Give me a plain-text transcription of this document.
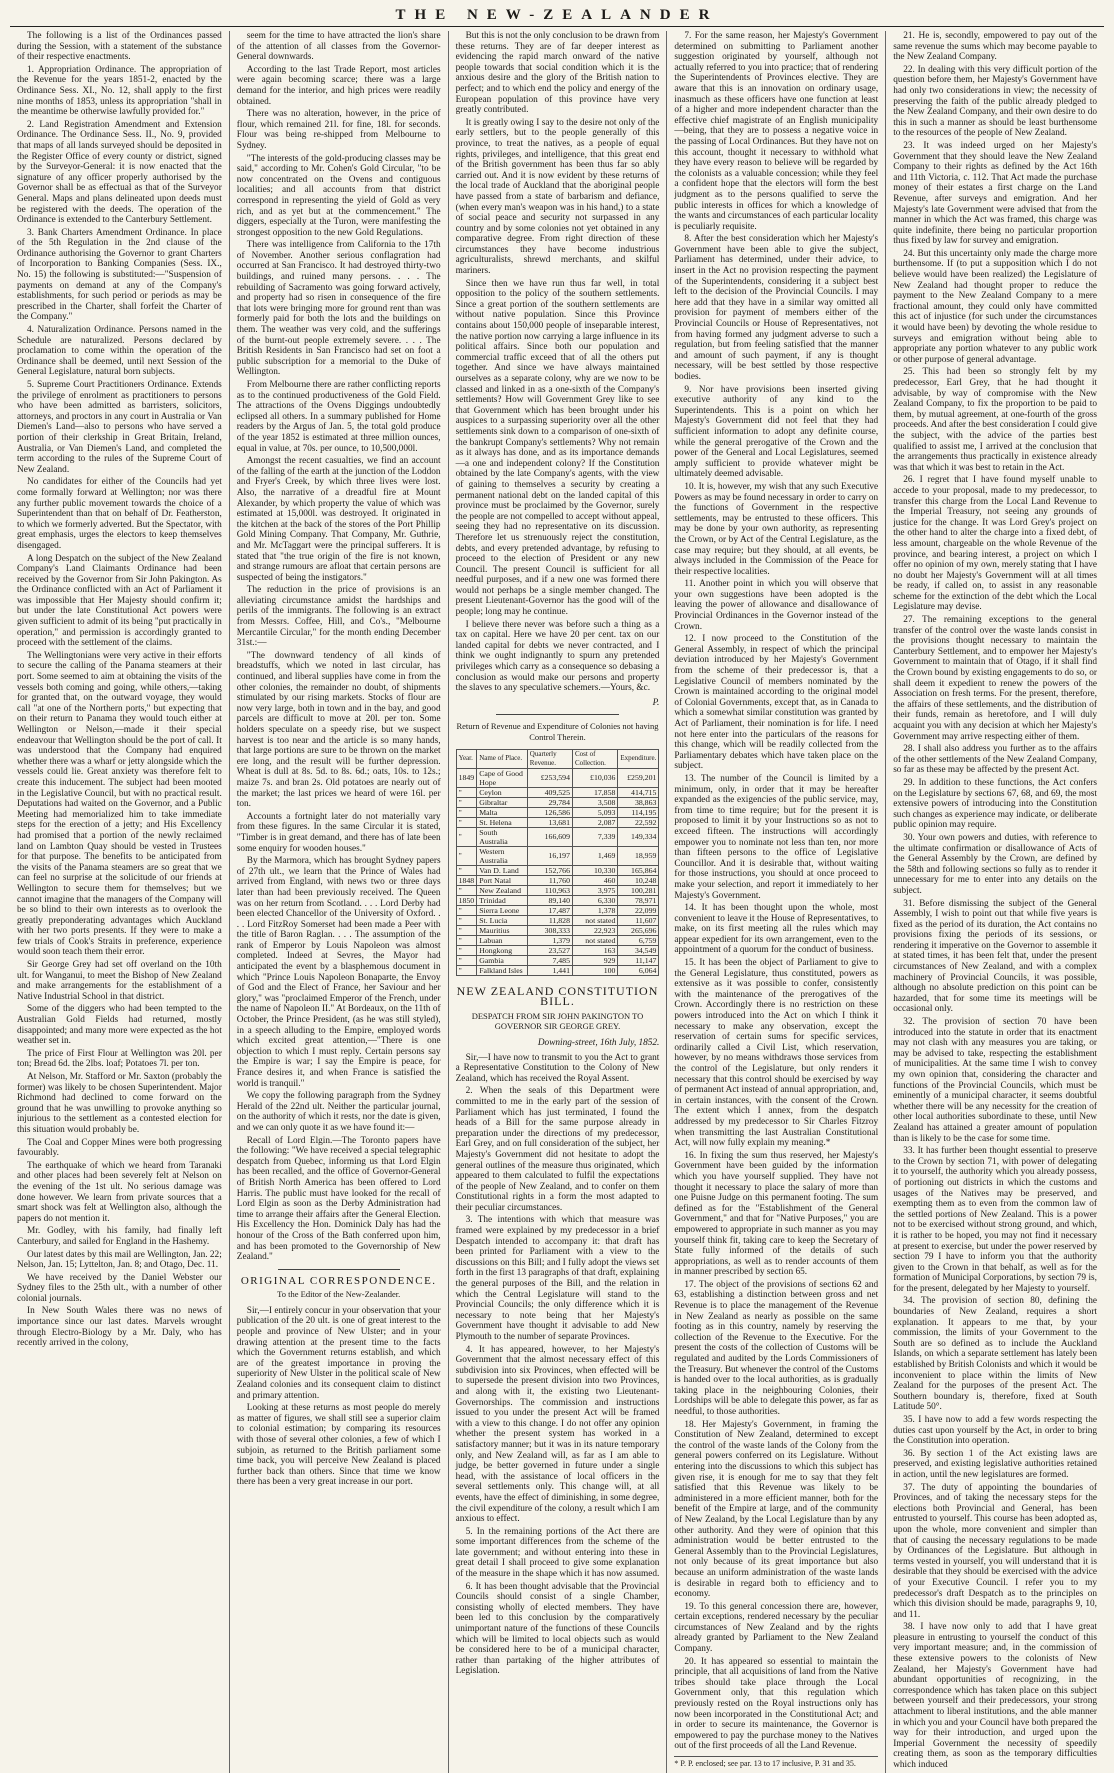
THE NEW-ZEALANDER

The following is a list of the Ordinances passed during the Session, with a statement of the substance of their respective enactments.

1. Appropriation Ordinance. The appropriation of the Revenue for the years 1851-2, enacted by the Ordinance Sess. XI., No. 12, shall apply to the first nine months of 1853, unless its appropriation "shall in the meantime be otherwise lawfully provided for."

2. Land Registration Amendment and Extension Ordinance. The Ordinance Sess. II., No. 9, provided that maps of all lands surveyed should be deposited in the Register Office of every county or district, signed by the Surveyor-General: it is now enacted that the signature of any officer properly authorised by the Governor shall be as effectual as that of the Surveyor General. Maps and plans delineated upon deeds must be registered with the deeds. The operation of the Ordinance is extended to the Canterbury Settlement.

3. Bank Charters Amendment Ordinance. In place of the 5th Regulation in the 2nd clause of the Ordinance authorising the Governor to grant Charters of Incorporation to Banking Companies (Sess. IX., No. 15) the following is substituted:—"Suspension of payments on demand at any of the Company's establishments, for such period or periods as may be prescribed in the Charter, shall forfeit the Charter of the Company."

4. Naturalization Ordinance. Persons named in the Schedule are naturalized. Persons declared by proclamation to come within the operation of the Ordinance shall be deemed, until next Session of the General Legislature, natural born subjects.

5. Supreme Court Practitioners Ordinance. Extends the privilege of enrolment as practitioners to persons who have been admitted as barristers, solicitors, attorneys, and proctors in any court in Australia or Van Diemen's Land—also to persons who have served a portion of their clerkship in Great Britain, Ireland, Australia, or Van Diemen's Land, and completed the term according to the rules of the Supreme Court of New Zealand.

No candidates for either of the Councils had yet come formally forward at Wellington; nor was there any further public movement towards the choice of a Superintendent than that on behalf of Dr. Featherston, to which we formerly adverted. But the Spectator, with great emphasis, urges the electors to keep themselves disengaged.

A long Despatch on the subject of the New Zealand Company's Land Claimants Ordinance had been received by the Governor from Sir John Pakington. As the Ordinance conflicted with an Act of Parliament it was impossible that Her Majesty should confirm it; but under the late Constitutional Act powers were given sufficient to admit of its being "put practically in operation," and permission is accordingly granted to proceed with the settlement of the claims.

The Wellingtonians were very active in their efforts to secure the calling of the Panama steamers at their port. Some seemed to aim at obtaining the visits of the vessels both coming and going, while others,—taking for granted that, on the outward voyage, they would call "at one of the Northern ports," but expecting that on their return to Panama they would touch either at Wellington or Nelson,—made it their special endeavour that Wellington should be the port of call. It was understood that the Company had enquired whether there was a wharf or jetty alongside which the vessels could lie. Great anxiety was therefore felt to create this inducement. The subject had been mooted in the Legislative Council, but with no practical result. Deputations had waited on the Governor, and a Public Meeting had memorialized him to take immediate steps for the erection of a jetty; and His Excellency had promised that a portion of the newly reclaimed land on Lambton Quay should be vested in Trustees for that purpose. The benefits to be anticipated from the visits of the Panama steamers are so great that we can feel no surprise at the solicitude of our friends at Wellington to secure them for themselves; but we cannot imagine that the managers of the Company will be so blind to their own interests as to overlook the greatly preponderating advantages which Auckland with her two ports presents. If they were to make a few trials of Cook's Straits in preference, experience would soon teach them their error.

Sir George Grey had set off overland on the 10th ult. for Wanganui, to meet the Bishop of New Zealand and make arrangements for the establishment of a Native Industrial School in that district.

Some of the diggers who had been tempted to the Australian Gold Fields had returned, mostly disappointed; and many more were expected as the hot weather set in.

The price of First Flour at Wellington was 20l. per ton; Bread 6d. the 2lbs. loaf; Potatoes 7l. per ton.

At Nelson, Mr. Stafford or Mr. Saxton (probably the former) was likely to be chosen Superintendent. Major Richmond had declined to come forward on the ground that he was unwilling to provoke anything so injurious to the settlement as a contested election for this situation would probably be.

The Coal and Copper Mines were both progressing favourably.

The earthquake of which we heard from Taranaki and other places had been severely felt at Nelson on the evening of the 1st ult. No serious damage was done however. We learn from private sources that a smart shock was felt at Wellington also, although the papers do not mention it.

Mr. Godley, with his family, had finally left Canterbury, and sailed for England in the Hashemy.

Our latest dates by this mail are Wellington, Jan. 22; Nelson, Jan. 15; Lyttelton, Jan. 8; and Otago, Dec. 11.

We have received by the Daniel Webster our Sydney files to the 25th ult., with a number of other colonial journals.

In New South Wales there was no news of importance since our last dates. Marvels wrought through Electro-Biology by a Mr. Daly, who has recently arrived in the colony,

seem for the time to have attracted the lion's share of the attention of all classes from the Governor-General downwards.

According to the last Trade Report, most articles were again becoming scarce; there was a large demand for the interior, and high prices were readily obtained.

There was no alteration, however, in the price of flour, which remained 21l. for fine, 18l. for seconds. Flour was being re-shipped from Melbourne to Sydney.

"The interests of the gold-producing classes may be said," according to Mr. Cohen's Gold Circular, "to be now concentrated on the Ovens and contiguous localities; and all accounts from that district correspond in representing the yield of Gold as very rich, and as yet but at the commencement." The diggers, especially at the Turon, were manifesting the strongest opposition to the new Gold Regulations.

There was intelligence from California to the 17th of November. Another serious conflagration had occurred at San Francisco. It had destroyed thirty-two buildings, and ruined many persons. . . . The rebuilding of Sacramento was going forward actively, and property had so risen in consequence of the fire that lots were bringing more for ground rent than was formerly paid for both the lots and the buildings on them. The weather was very cold, and the sufferings of the burnt-out people extremely severe. . . . The British Residents in San Francisco had set on foot a public subscription for a memorial to the Duke of Wellington.

From Melbourne there are rather conflicting reports as to the continued productiveness of the Gold Field. The attractions of the Ovens Diggings undoubtedly eclipsed all others. In a summary published for Home readers by the Argus of Jan. 5, the total gold produce of the year 1852 is estimated at three million ounces, equal in value, at 70s. per ounce, to 10,500,000l.

Amongst the recent casualties, we find an account of the falling of the earth at the junction of the Loddon and Fryer's Creek, by which three lives were lost. Also, the narrative of a dreadful fire at Mount Alexander, by which property the value of which was estimated at 15,000l. was destroyed. It originated in the kitchen at the back of the stores of the Port Phillip Gold Mining Company. That Company, Mr. Guthrie, and Mr. McTaggart were the principal sufferers. It is stated that "the true origin of the fire is not known, and strange rumours are afloat that certain persons are suspected of being the instigators."

The reduction in the price of provisions is an alleviating circumstance amidst the hardships and perils of the immigrants. The following is an extract from Messrs. Coffee, Hill, and Co's., "Melbourne Mercantile Circular," for the month ending December 31st.:—

"The downward tendency of all kinds of breadstuffs, which we noted in last circular, has continued, and liberal supplies have come in from the other colonies, the remainder no doubt, of shipments stimulated by our rising markets. Stocks of flour are now very large, both in town and in the bay, and good parcels are difficult to move at 20l. per ton. Some holders speculate on a speedy rise, but we suspect harvest is too near and the article is so many hands, that large portions are sure to be thrown on the market ere long, and the result will be further depression. Wheat is dull at 8s. 5d. to 8s. 6d.; oats, 10s. to 12s.; maize 7s. and bran 2s. Old potatoes are nearly out of the market; the last prices we heard of were 16l. per ton.

Accounts a fortnight later do not materially vary from these figures. In the same Circular it is stated, "Timber is in great demand, and there has of late been some enquiry for wooden houses."

By the Marmora, which has brought Sydney papers of 27th ult., we learn that the Prince of Wales had arrived from England, with news two or three days later than had been previously received. The Queen was on her return from Scotland. . . . Lord Derby had been elected Chancellor of the University of Oxford. . . . Lord FitzRoy Somerset had been made a Peer with the title of Baron Raglan. . . . The assumption of the rank of Emperor by Louis Napoleon was almost completed. Indeed at Sevres, the Mayor had anticipated the event by a blasphemous document in which "Prince Louis Napoleon Bonaparte, the Envoy of God and the Elect of France, her Saviour and her glory," was "proclaimed Emperor of the French, under the name of Napoleon II." At Bordeaux, on the 11th of October, the Prince President, (as he was still styled), in a speech alluding to the Empire, employed words which excited great attention,—"There is one objection to which I must reply. Certain persons say the Empire is war; I say the Empire is peace, for France desires it, and when France is satisfied the world is tranquil."

We copy the following paragraph from the Sydney Herald of the 22nd ult. Neither the particular journal, on the authority of which it rests, nor the date is given, and we can only quote it as we have found it:—

Recall of Lord Elgin.—The Toronto papers have the following: "We have received a special telegraphic despatch from Quebec, informing us that Lord Elgin has been recalled, and the office of Governor-General of British North America has been offered to Lord Harris. The public must have looked for the recall of Lord Elgin as soon as the Derby Administration had time to arrange their affairs after the General Election. His Excellency the Hon. Dominick Daly has had the honour of the Cross of the Bath conferred upon him, and has been promoted to the Governorship of New Zealand."

ORIGINAL CORRESPONDENCE.
To the Editor of the New-Zealander.

Sir,—I entirely concur in your observation that your publication of the 20 ult. is one of great interest to the people and province of New Ulster; and in your drawing attention at the present time to the facts which the Government returns establish, and which are of the greatest importance in proving the superiority of New Ulster in the political scale of New Zealand colonies and its consequent claim to distinct and primary attention.

Looking at these returns as most people do merely as matter of figures, we shall still see a superior claim to colonial estimation; by comparing its resources with those of several other colonies, a few of which I subjoin, as returned to the British parliament some time back, you will perceive New Zealand is placed further back than others. Since that time we know there has been a very great increase in our port.

But this is not the only conclusion to be drawn from these returns. They are of far deeper interest as evidencing the rapid march onward of the native people towards that social condition which it is the anxious desire and the glory of the British nation to perfect; and to which end the policy and energy of the European population of this province have very greatly contributed.

It is greatly owing I say to the desire not only of the early settlers, but to the people generally of this province, to treat the natives, as a people of equal rights, privileges, and intelligence, that this great end of the British government has been thus far so ably carried out. And it is now evident by these returns of the local trade of Auckland that the aboriginal people have passed from a state of barbarism and defiance, (when every man's weapon was in his hand,) to a state of social peace and security not surpassed in any country and by some colonies not yet obtained in any comparative degree. From right direction of these circumstances they have become industrious agriculturalists, shrewd merchants, and skilful mariners.

Since then we have run thus far well, in total opposition to the policy of the southern settlements. Since a great portion of the southern settlements are without native population. Since this Province contains about 150,000 people of inseparable interest, the native portion now carrying a large influence in its political affairs. Since both our population and commercial traffic exceed that of all the others put together. And since we have always maintained ourselves as a separate colony, why are we now to be classed and linked in as a one-sixth of the Company's settlements? How will Government Grey like to see that Government which has been brought under his auspices to a surpassing superiority over all the other settlements sink down to a comparison of one-sixth of the bankrupt Company's settlements? Why not remain as it always has done, and as its importance demands —a one and independent colony? If the Constitution obtained by the late Company's agents, with the view of gaining to themselves a security by creating a permanent national debt on the landed capital of this province must be proclaimed by the Governor, surely the people are not compelled to accept without appeal, seeing they had no representative on its discussion. Therefore let us strenuously reject the constitution, debts, and every pretended advantage, by refusing to proceed to the election of President or any new Council. The present Council is sufficient for all needful purposes, and if a new one was formed there would not perhaps be a single member changed. The present Lieutenant-Governor has the good will of the people; long may he continue.

I believe there never was before such a thing as a tax on capital. Here we have 20 per cent. tax on our landed capital for debts we never contracted, and I think we ought indignantly to spurn any pretended privileges which carry as a consequence so debasing a conclusion as would make our persons and property the slaves to any speculative schemers.—Yours, &c.

P.

Return of Revenue and Expenditure of Colonies not having Control Therein.
Year.	Name of Place.	Quarterly Revenue.	Cost of Collection.	Expenditure.
1849	Cape of Good Hope	£253,594	£10,036	£259,201
"	Ceylon	409,525	17,858	414,715
"	Gibraltar	29,784	3,508	38,863
"	Malta	126,586	5,093	114,195
"	St. Helena	13,681	2,087	22,592
"	South Australia	166,609	7,339	149,334
"	Western Australia	16,197	1,469	18,959
"	Van D. Land	152,766	10,330	165,864
1848	Port Natal	11,760	460	10,248
"	New Zealand	110,963	3,975	100,281
1850	Trinidad	89,140	6,330	78,971
"	Sierra Leone	17,487	1,378	22,099
"	St. Lucia	11,828	not stated	11,607
"	Mauritius	308,333	22,923	265,696
"	Labuan	1,379	not stated	6,759
"	Hongkong	23,527	163	34,549
"	Gambia	7,485	929	11,147
"	Falkland Isles	1,441	100	6,064
NEW ZEALAND CONSTITUTION BILL.
DESPATCH FROM SIR JOHN PAKINGTON TO GOVERNOR SIR GEORGE GREY.

Downing-street, 16th July, 1852.

Sir,—I have now to transmit to you the Act to grant a Representative Constitution to the Colony of New Zealand, which has received the Royal Assent.

2. When the seals of this Department were committed to me in the early part of the session of Parliament which has just terminated, I found the heads of a Bill for the same purpose already in preparation under the directions of my predecessor, Earl Grey, and on full consideration of the subject, her Majesty's Government did not hesitate to adopt the general outlines of the measure thus originated, which appeared to them calculated to fulfil the expectations of the people of New Zealand, and to confer on them Constitutional rights in a form the most adapted to their peculiar circumstances.

3. The intentions with which that measure was framed were explained by my predecessor in a brief Despatch intended to accompany it: that draft has been printed for Parliament with a view to the discussions on this Bill; and I fully adopt the views set forth in the first 13 paragraphs of that draft, explaining the general purposes of the Bill, and the relation in which the Central Legislature will stand to the Provincial Councils; the only difference which it is necessary to note being that her Majesty's Government have thought it advisable to add New Plymouth to the number of separate Provinces.

4. It has appeared, however, to her Majesty's Government that the almost necessary effect of this subdivision into six Provinces, when effected will be to supersede the present division into two Provinces, and along with it, the existing two Lieutenant-Governorships. The commission and instructions issued to you under the present Act will be framed with a view to this change. I do not offer any opinion whether the present system has worked in a satisfactory manner; but it was in its nature temporary only, and New Zealand will, as far as I am able to judge, be better governed in future under a single head, with the assistance of local officers in the several settlements only. This change will, at all events, have the effect of diminishing, in some degree, the civil expenditure of the colony, a result which I am anxious to effect.

5. In the remaining portions of the Act there are some important differences from the scheme of the late government; and without entering into these in great detail I shall proceed to give some explanation of the measure in the shape which it has now assumed.

6. It has been thought advisable that the Provincial Councils should consist of a single Chamber, consisting wholly of elected members. They have been led to this conclusion by the comparatively unimportant nature of the functions of these Councils which will be limited to local objects such as would be considered here to be of a municipal character, rather than partaking of the higher attributes of Legislation.

7. For the same reason, her Majesty's Government determined on submitting to Parliament another suggestion originated by yourself, although not actually referred to you into practice; that of rendering the Superintendents of Provinces elective. They are aware that this is an innovation on ordinary usage, inasmuch as these officers have one function at least of a higher and more independent character than the effective chief magistrate of an English municipality—being, that they are to possess a negative voice in the passing of Local Ordinances. But they have not on this account, thought it necessary to withhold what they have every reason to believe will be regarded by the colonists as a valuable concession; while they feel a confident hope that the electors will form the best judgment as to the persons qualified to serve the public interests in offices for which a knowledge of the wants and circumstances of each particular locality is peculiarly requisite.

8. After the best consideration which her Majesty's Government have been able to give the subject, Parliament has determined, under their advice, to insert in the Act no provision respecting the payment of the Superintendents, considering it a subject best left to the decision of the Provincial Councils. I may here add that they have in a similar way omitted all provision for payment of members either of the Provincial Councils or House of Representatives, not from having formed any judgment adverse to such a regulation, but from feeling satisfied that the manner and amount of such payment, if any is thought necessary, will be best settled by those respective bodies.

9. Nor have provisions been inserted giving executive authority of any kind to the Superintendents. This is a point on which her Majesty's Government did not feel that they had sufficient information to adopt any definite course, while the general prerogative of the Crown and the power of the General and Local Legislatures, seemed amply sufficient to provide whatever might be ultimately deemed advisable.

10. It is, however, my wish that any such Executive Powers as may be found necessary in order to carry on the functions of Government in the respective settlements, may be entrusted to these officers. This may be done by your own authority, as representing the Crown, or by Act of the Central Legislature, as the case may require; but they should, at all events, be always included in the Commission of the Peace for their respective localities.

11. Another point in which you will observe that your own suggestions have been adopted is the leaving the power of allowance and disallowance of Provincial Ordinances in the Governor instead of the Crown.

12. I now proceed to the Constitution of the General Assembly, in respect of which the principal deviation introduced by her Majesty's Government from the scheme of their predecessor is, that a Legislative Council of members nominated by the Crown is maintained according to the original model of Colonial Governments, except that, as in Canada to which a somewhat similar constitution was granted by Act of Parliament, their nomination is for life. I need not here enter into the particulars of the reasons for this change, which will be readily collected from the Parliamentary debates which have taken place on the subject.

13. The number of the Council is limited by a minimum, only, in order that it may be hereafter expanded as the exigencies of the public service, may, from time to time require; but for the present it is proposed to limit it by your Instructions so as not to exceed fifteen. The instructions will accordingly empower you to nominate not less than ten, nor more than fifteen persons to the office of Legislative Councillor. And it is desirable that, without waiting for those instructions, you should at once proceed to make your selection, and report it immediately to her Majesty's Government.

14. It has been thought upon the whole, most convenient to leave it the House of Representatives, to make, on its first meeting all the rules which may appear expedient for its own arrangement, even to the appointment of a quorum for the conduct of business.

15. It has been the object of Parliament to give to the General Legislature, thus constituted, powers as extensive as it was possible to confer, consistently with the maintenance of the prerogatives of the Crown. Accordingly there is no restriction on these powers introduced into the Act on which I think it necessary to make any observation, except the reservation of certain sums for specific services, ordinarily called a Civil List, which reservation, however, by no means withdraws those services from the control of the Legislature, but only renders it necessary that this control should be exercised by way of permanent Act instead of annual appropriation, and, in certain instances, with the consent of the Crown. The extent which I annex, from the despatch addressed by my predecessor to Sir Charles Fitzroy when transmitting the last Australian Constitutional Act, will now fully explain my meaning.*

16. In fixing the sum thus reserved, her Majesty's Government have been guided by the information which you have yourself supplied. They have not thought it necessary to place the salary of more than one Puisne Judge on this permanent footing. The sum defined as for the "Establishment of the General Government," and that for "Native Purposes," you are empowered to appropriate in such manner as you may yourself think fit, taking care to keep the Secretary of State fully informed of the details of such appropriations, as well as to render accounts of them in manner prescribed by section 65.

17. The object of the provisions of sections 62 and 63, establishing a distinction between gross and net Revenue is to place the management of the Revenue in New Zealand as nearly as possible on the same footing as in this country, namely by reserving the collection of the Revenue to the Executive. For the present the costs of the collection of Customs will be regulated and audited by the Lords Commissioners of the Treasury. But whenever the control of the Customs is handed over to the local authorities, as is gradually taking place in the neighbouring Colonies, their Lordships will be able to delegate this power, as far as needful, to those authorities.

18. Her Majesty's Government, in framing the Constitution of New Zealand, determined to except the control of the waste lands of the Colony from the general powers conferred on its Legislature. Without entering into the discussions to which this subject has given rise, it is enough for me to say that they felt satisfied that this Revenue was likely to be administered in a more efficient manner, both for the benefit of the Empire at large, and of the community of New Zealand, by the Local Legislature than by any other authority. And they were of opinion that this administration would be better entrusted to the General Assembly than to the Provincial Legislatures, not only because of its great importance but also because an uniform administration of the waste lands is desirable in regard both to efficiency and to economy.

19. To this general concession there are, however, certain exceptions, rendered necessary by the peculiar circumstances of New Zealand and by the rights already granted by Parliament to the New Zealand Company.

20. It has appeared so essential to maintain the principle, that all acquisitions of land from the Native tribes should take place through the Local Government only, that this regulation which previously rested on the Royal instructions only has now been incorporated in the Constitutional Act; and in order to secure its maintenance, the Governor is empowered to pay the purchase money to the Natives out of the first proceeds of all the Land Revenue.

* P. P. enclosed; see par. 13 to 17 inclusive, P. 31 and 35.

21. He is, secondly, empowered to pay out of the same revenue the sums which may become payable to the New Zealand Company.

22. In dealing with this very difficult portion of the question before them, her Majesty's Government have had only two considerations in view; the necessity of preserving the faith of the public already pledged to the New Zealand Company, and their own desire to do this in such a manner as should be least burthensome to the resources of the people of New Zealand.

23. It was indeed urged on her Majesty's Government that they should leave the New Zealand Company to their rights as defined by the Act 16th and 11th Victoria, c. 112. That Act made the purchase money of their estates a first charge on the Land Revenue, after surveys and emigration. And her Majesty's late Government were advised that from the manner in which the Act was framed, this charge was quite indefinite, there being no particular proportion thus fixed by law for survey and emigration.

24. But this uncertainty only made the charge more burthensome. If (to put a supposition which I do not believe would have been realized) the Legislature of New Zealand had thought proper to reduce the payment to the New Zealand Company to a mere fractional amount, they could only have committed this act of injustice (for such under the circumstances it would have been) by devoting the whole residue to surveys and emigration without being able to appropriate any portion whatever to any public work or other purpose of general advantage.

25. This had been so strongly felt by my predecessor, Earl Grey, that he had thought it advisable, by way of compromise with the New Zealand Company, to fix the proportion to be paid to them, by mutual agreement, at one-fourth of the gross proceeds. And after the best consideration I could give the subject, with the advice of the parties best qualified to assist me, I arrived at the conclusion that the arrangements thus practically in existence already was that which it was best to retain in the Act.

26. I regret that I have found myself unable to accede to your proposal, made to my predecessor, to transfer this charge from the Local Land Revenue to the Imperial Treasury, not seeing any grounds of justice for the change. It was Lord Grey's project on the other hand to alter the charge into a fixed debt, of less amount, chargeable on the whole Revenue of the province, and bearing interest, a project on which I offer no opinion of my own, merely stating that I have no doubt her Majesty's Government will at all times be ready, if called on, to assist in any reasonable scheme for the extinction of the debt which the Local Legislature may devise.

27. The remaining exceptions to the general transfer of the control over the waste lands consist in the provisions thought necessary to maintain the Canterbury Settlement, and to empower her Majesty's Government to maintain that of Otago, if it shall find the Crown bound by existing engagements to do so, or shall deem it expedient to renew the powers of the Association on fresh terms. For the present, therefore, the affairs of these settlements, and the distribution of their funds, remain as heretofore, and I will duly acquaint you with any decision at which her Majesty's Government may arrive respecting either of them.

28. I shall also address you further as to the affairs of the other settlements of the New Zealand Company, so far as these may be affected by the present Act.

29. In addition to these functions, the Act confers on the Legislature by sections 67, 68, and 69, the most extensive powers of introducing into the Constitution such changes as experience may indicate, or deliberate public opinion may require.

30. Your own powers and duties, with reference to the ultimate confirmation or disallowance of Acts of the General Assembly by the Crown, are defined by the 58th and following sections so fully as to render it unnecessary for me to enter into any details on the subject.

31. Before dismissing the subject of the General Assembly, I wish to point out that while five years is fixed as the period of its duration, the Act contains no provisions fixing the periods of its sessions, or rendering it imperative on the Governor to assemble it at stated times, it has been felt that, under the present circumstances of New Zealand, and with a complex machinery of Provincial Councils, it was possible, although no absolute prediction on this point can be hazarded, that for some time its meetings will be occasional only.

32. The provision of section 70 have been introduced into the statute in order that its enactment may not clash with any measures you are taking, or may be advised to take, respecting the establishment of municipalities. At the same time I wish to convey my own opinion that, considering the character and functions of the Provincial Councils, which must be eminently of a municipal character, it seems doubtful whether there will be any necessity for the creation of other local authorities subordinate to these, until New Zealand has attained a greater amount of population than is likely to be the case for some time.

33. It has further been thought essential to preserve to the Crown by section 71, with power of delegating it to yourself, the authority which you already possess, of portioning out districts in which the customs and usages of the Natives may be preserved, and exempting them as to even from the common law of the settled portions of New Zealand. This is a power not to be exercised without strong ground, and which, it is rather to be hoped, you may not find it necessary at present to exercise, but under the power reserved by section 79 I have to inform you that the authority given to the Crown in that behalf, as well as for the formation of Municipal Corporations, by section 79 is, for the present, delegated by her Majesty to yourself.

34. The provision of section 80, defining the boundaries of New Zealand, requires a short explanation. It appears to me that, by your commission, the limits of your Government to the South are so defined as to include the Auckland Islands, on which a separate settlement has lately been established by British Colonists and which it would be inconvenient to place within the limits of New Zealand for the purposes of the present Act. The Southern boundary is, therefore, fixed at South Latitude 50°.

35. I have now to add a few words respecting the duties cast upon yourself by the Act, in order to bring the Constitution into operation.

36. By section 1 of the Act existing laws are preserved, and existing legislative authorities retained in action, until the new legislatures are formed.

37. The duty of appointing the boundaries of Provinces, and of taking the necessary steps for the elections both Provincial and General, has been entrusted to yourself. This course has been adopted as, upon the whole, more convenient and simpler than that of causing the necessary regulations to be made by Ordinances of the Legislature. But although in terms vested in yourself, you will understand that it is desirable that they should be exercised with the advice of your Executive Council. I refer you to my predecessor's draft Despatch as to the principles on which this division should be made, paragraphs 9, 10, and 11.

38. I have now only to add that I have great pleasure in entrusting to yourself the conduct of this very important measure; and, in the commission of these extensive powers to the colonists of New Zealand, her Majesty's Government have had abundant opportunities of recognizing, in the correspondence which has taken place on this subject between yourself and their predecessors, your strong attachment to liberal institutions, and the able manner in which you and your Council have both prepared the way for their introduction, and urged upon the Imperial Government the necessity of speedily creating them, as soon as the temporary difficulties which induced
